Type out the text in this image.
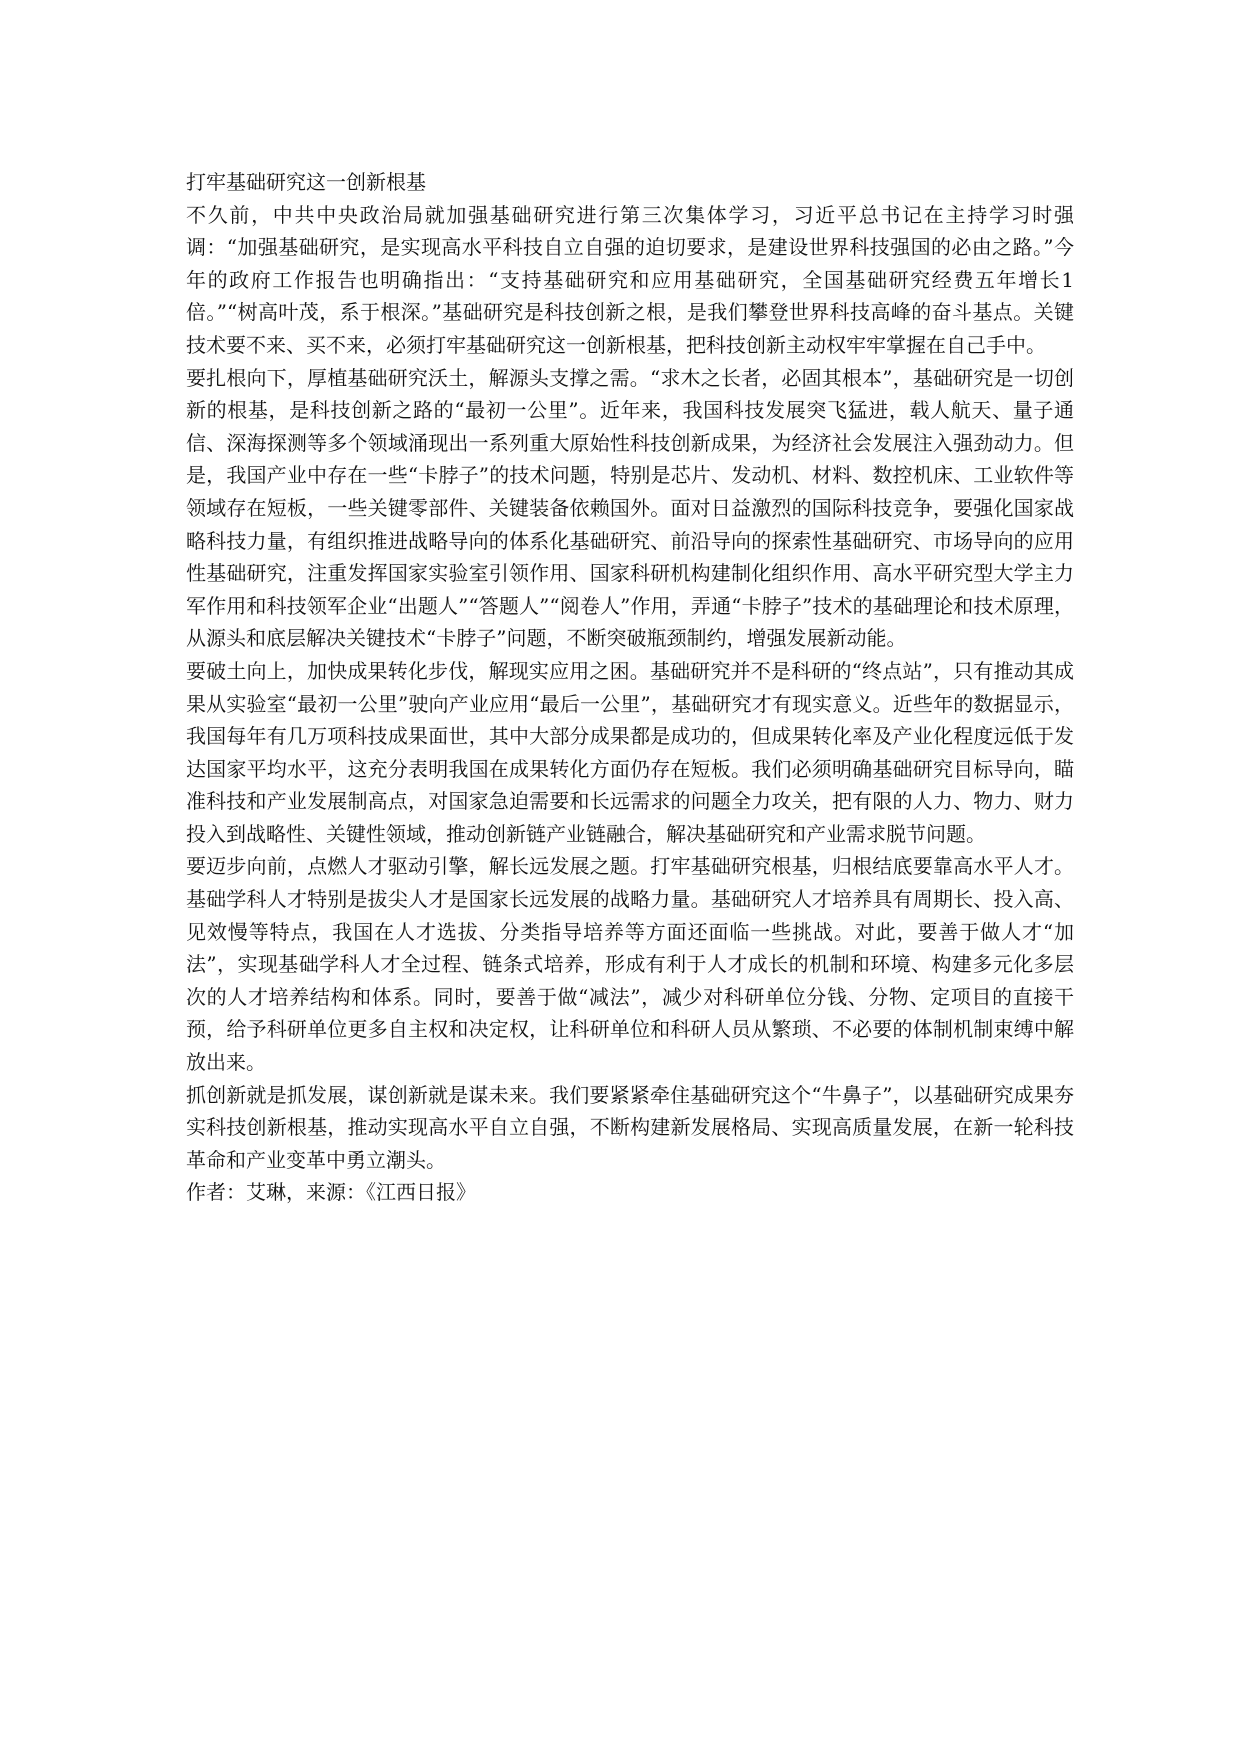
打牢基础研究这一创新根基

不久前，中共中央政治局就加强基础研究进行第三次集体学习，习近平总书记在主持学习时强调：“加强基础研究，是实现高水平科技自立自强的迫切要求，是建设世界科技强国的必由之路。”今年的政府工作报告也明确指出：“支持基础研究和应用基础研究，全国基础研究经费五年增长1倍。”“树高叶茂，系于根深。”基础研究是科技创新之根，是我们攀登世界科技高峰的奋斗基点。关键技术要不来、买不来，必须打牢基础研究这一创新根基，把科技创新主动权牢牢掌握在自己手中。

要扎根向下，厚植基础研究沃土，解源头支撑之需。“求木之长者，必固其根本”，基础研究是一切创新的根基，是科技创新之路的“最初一公里”。近年来，我国科技发展突飞猛进，载人航天、量子通信、深海探测等多个领域涌现出一系列重大原始性科技创新成果，为经济社会发展注入强劲动力。但是，我国产业中存在一些“卡脖子”的技术问题，特别是芯片、发动机、材料、数控机床、工业软件等领域存在短板，一些关键零部件、关键装备依赖国外。面对日益激烈的国际科技竞争，要强化国家战略科技力量，有组织推进战略导向的体系化基础研究、前沿导向的探索性基础研究、市场导向的应用性基础研究，注重发挥国家实验室引领作用、国家科研机构建制化组织作用、高水平研究型大学主力军作用和科技领军企业“出题人”“答题人”“阅卷人”作用，弄通“卡脖子”技术的基础理论和技术原理，从源头和底层解决关键技术“卡脖子”问题，不断突破瓶颈制约，增强发展新动能。

要破土向上，加快成果转化步伐，解现实应用之困。基础研究并不是科研的“终点站”，只有推动其成果从实验室“最初一公里”驶向产业应用“最后一公里”，基础研究才有现实意义。近些年的数据显示，我国每年有几万项科技成果面世，其中大部分成果都是成功的，但成果转化率及产业化程度远低于发达国家平均水平，这充分表明我国在成果转化方面仍存在短板。我们必须明确基础研究目标导向，瞄准科技和产业发展制高点，对国家急迫需要和长远需求的问题全力攻关，把有限的人力、物力、财力投入到战略性、关键性领域，推动创新链产业链融合，解决基础研究和产业需求脱节问题。

要迈步向前，点燃人才驱动引擎，解长远发展之题。打牢基础研究根基，归根结底要靠高水平人才。基础学科人才特别是拔尖人才是国家长远发展的战略力量。基础研究人才培养具有周期长、投入高、见效慢等特点，我国在人才选拔、分类指导培养等方面还面临一些挑战。对此，要善于做人才“加法”，实现基础学科人才全过程、链条式培养，形成有利于人才成长的机制和环境、构建多元化多层次的人才培养结构和体系。同时，要善于做“减法”，减少对科研单位分钱、分物、定项目的直接干预，给予科研单位更多自主权和决定权，让科研单位和科研人员从繁琐、不必要的体制机制束缚中解放出来。

抓创新就是抓发展，谋创新就是谋未来。我们要紧紧牵住基础研究这个“牛鼻子”，以基础研究成果夯实科技创新根基，推动实现高水平自立自强，不断构建新发展格局、实现高质量发展，在新一轮科技革命和产业变革中勇立潮头。

作者：艾琳，来源：《江西日报》
